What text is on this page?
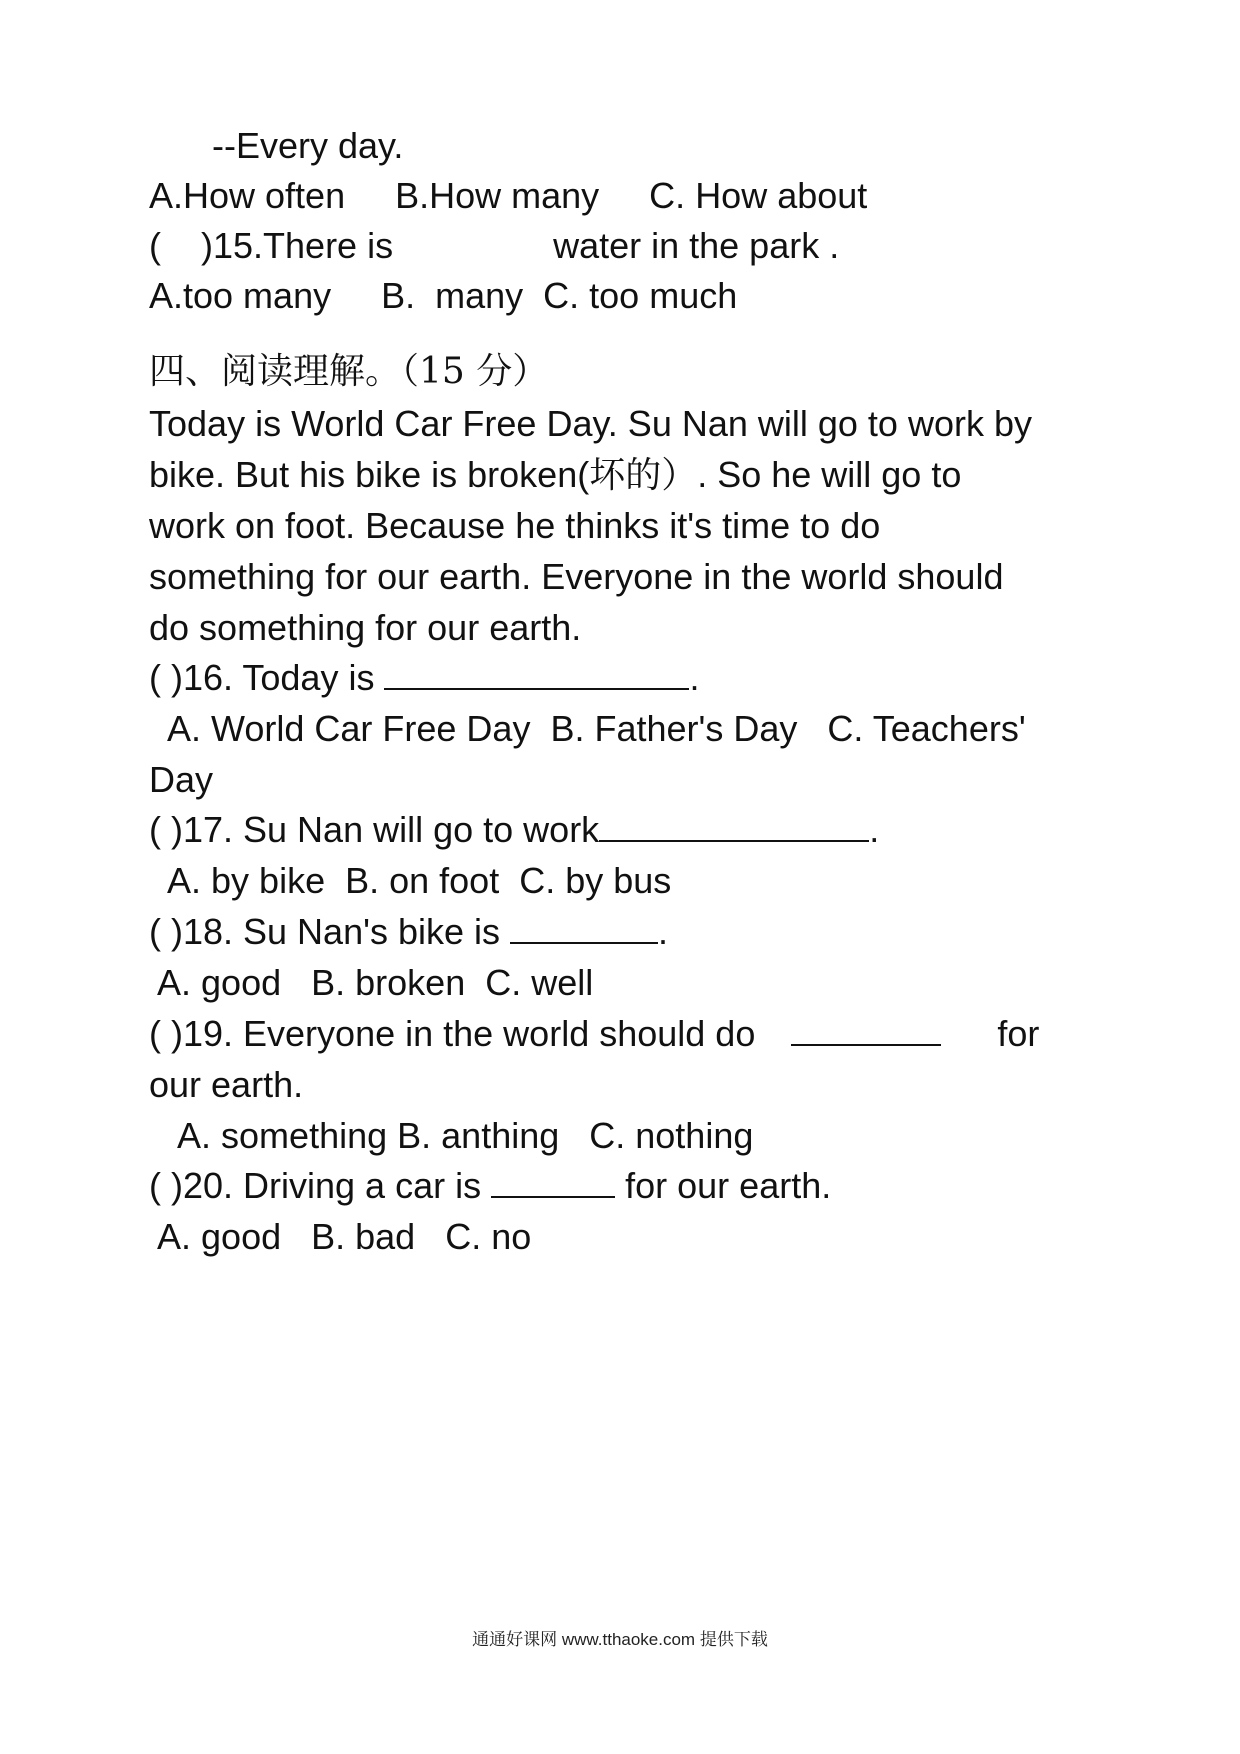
--Every day.
A.How often     B.How many     C. How about
(    )15.There is	water in the park .
A.too many     B.  many  C. too much
四、阅读理解。（15 分）
Today is World Car Free Day. Su Nan will go to work by
bike. But his bike is broken(坏的）. So he will go to
work on foot. Because he thinks it's time to do
something for our earth. Everyone in the world should
do something for our earth.
( )16. Today is	.
A. World Car Free Day  B. Father's Day   C. Teachers'
Day
( )17. Su Nan will go to work	.
A. by bike  B. on foot  C. by bus
( )18. Su Nan's bike is	.
A. good   B. broken  C. well
( )19. Everyone in the world should do	for
our earth.
A. something B. anthing   C. nothing
( )20. Driving a car is	for our earth.
A. good   B. bad   C. no
通通好课网 www.tthaoke.com 提供下载
